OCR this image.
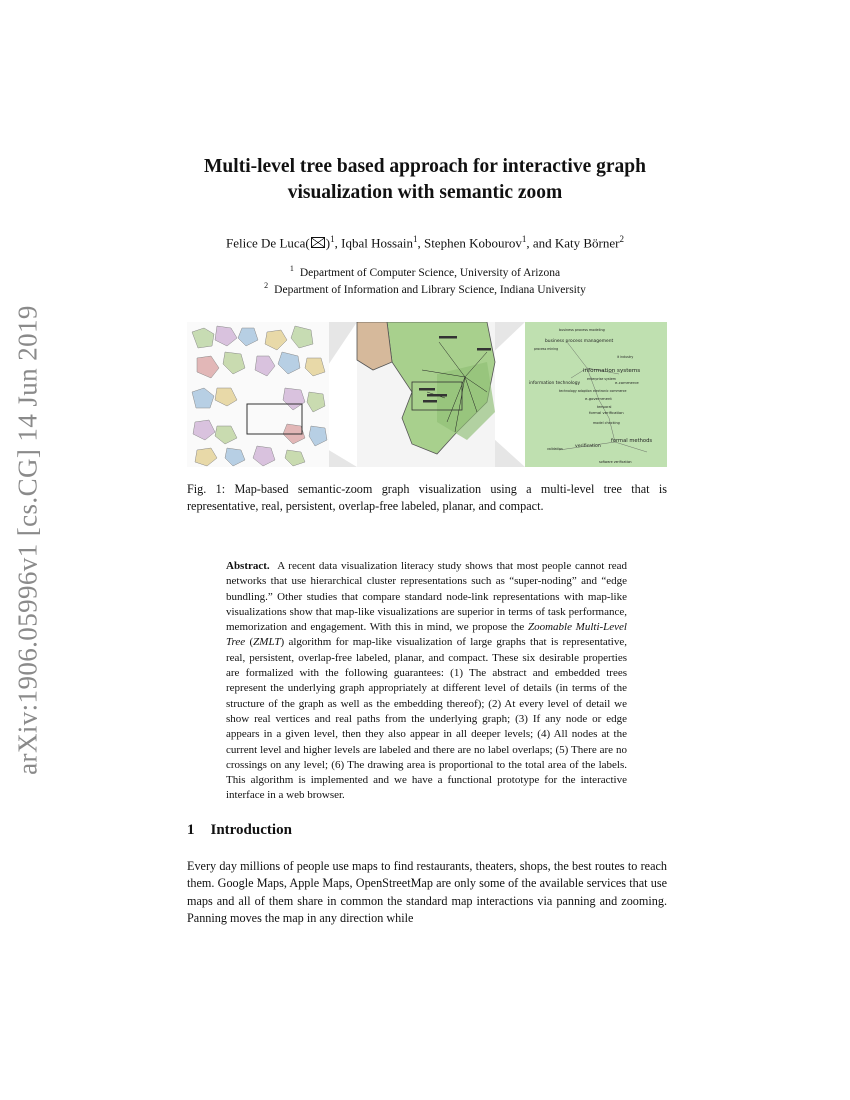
arXiv:1906.05996v1 [cs.CG] 14 Jun 2019
Multi-level tree based approach for interactive graph visualization with semantic zoom
Felice De Luca( )$^1$, Iqbal Hossain$^1$, Stephen Kobourov$^1$, and Katy Börner$^2$
$^1$ Department of Computer Science, University of Arizona
$^2$ Department of Information and Library Science, Indiana University
business process modeling
business process management
process mining
it industry
information systems
enterprise system
information technology	e-commerce
technology adoption electronic commerce
e-government
temporal
formal verification
model checking
formal methods
verification
validation
software verification
Fig. 1: Map-based semantic-zoom graph visualization using a multi-level tree that is representative, real, persistent, overlap-free labeled, planar, and compact.
Abstract. A recent data visualization literacy study shows that most people cannot read networks that use hierarchical cluster representations such as “super-noding” and “edge bundling.” Other studies that compare standard node-link representations with map-like visualizations show that map-like visualizations are superior in terms of task performance, memorization and engagement. With this in mind, we propose the Zoomable Multi-Level Tree (ZMLT) algorithm for map-like visualization of large graphs that is representative, real, persistent, overlap-free labeled, planar, and compact. These six desirable properties are formalized with the following guarantees: (1) The abstract and embedded trees represent the underlying graph appropriately at different level of details (in terms of the structure of the graph as well as the embedding thereof); (2) At every level of detail we show real vertices and real paths from the underlying graph; (3) If any node or edge appears in a given level, then they also appear in all deeper levels; (4) All nodes at the current level and higher levels are labeled and there are no label overlaps; (5) There are no crossings on any level; (6) The drawing area is proportional to the total area of the labels. This algorithm is implemented and we have a functional prototype for the interactive interface in a web browser.
1 Introduction
Every day millions of people use maps to find restaurants, theaters, shops, the best routes to reach them. Google Maps, Apple Maps, OpenStreetMap are only some of the available services that use maps and all of them share in common the standard map interactions via panning and zooming. Panning moves the map in any direction while
